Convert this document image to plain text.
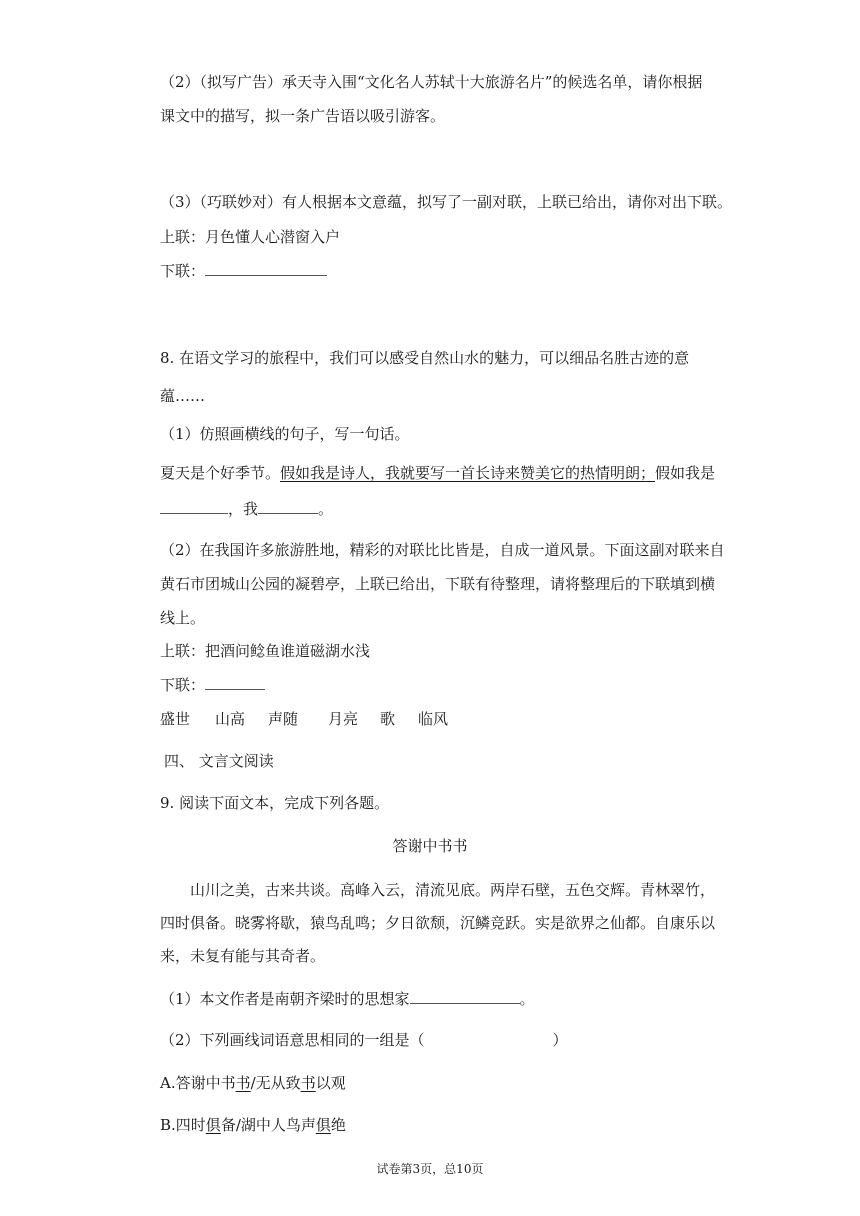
（2）（拟写广告）承天寺入围“文化名人苏轼十大旅游名片”的候选名单，请你根据
课文中的描写，拟一条广告语以吸引游客。
（3）（巧联妙对）有人根据本文意蕴，拟写了一副对联，上联已给出，请你对出下联。
上联：月色懂人心潜窗入户
下联：
8. 在语文学习的旅程中，我们可以感受自然山水的魅力，可以细品名胜古迹的意
蕴……
（1）仿照画横线的句子，写一句话。
夏天是个好季节。假如我是诗人，我就要写一首长诗来赞美它的热情明朗；假如我是
，我	。
（2）在我国许多旅游胜地，精彩的对联比比皆是，自成一道风景。下面这副对联来自
黄石市团城山公园的凝碧亭，上联已给出，下联有待整理，请将整理后的下联填到横
线上。
上联：把酒问鲶鱼谁道磁湖水浅
下联：
盛世 山高 声随 月亮 歌 临风
四、 文言文阅读
9. 阅读下面文本，完成下列各题。
答谢中书书
山川之美，古来共谈。高峰入云，清流见底。两岸石壁，五色交辉。青林翠竹，
四时俱备。晓雾将歇，猿鸟乱鸣；夕日欲颓，沉鳞竞跃。实是欲界之仙都。自康乐以
来，未复有能与其奇者。
（1）本文作者是南朝齐梁时的思想家	。
（2）下列画线词语意思相同的一组是（	）
A.答谢中书书/无从致书以观
B.四时俱备/湖中人鸟声俱绝
试卷第3页，总10页
